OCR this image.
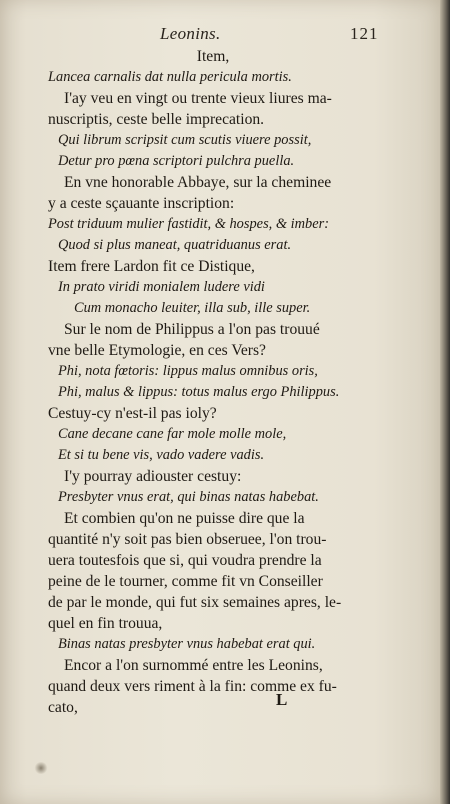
Leonins.	121
Item,
Lancea carnalis dat nulla pericula mortis.
I'ay veu en vingt ou trente vieux liures ma-
nuscriptis, ceste belle imprecation.
Qui librum scripsit cum scutis viuere possit,
Detur pro pœna scriptori pulchra puella.
En vne honorable Abbaye, sur la cheminee
y a ceste sçauante inscription:
Post triduum mulier fastidit, & hospes, & imber:
Quod si plus maneat, quatriduanus erat.
Item frere Lardon fit ce Distique,
In prato viridi monialem ludere vidi
Cum monacho leuiter, illa sub, ille super.
Sur le nom de Philippus a l'on pas trouué
vne belle Etymologie, en ces Vers?
Phi, nota fœtoris: lippus malus omnibus oris,
Phi, malus & lippus: totus malus ergo Philippus.
Cestuy-cy n'est-il pas ioly?
Cane decane cane far mole molle mole,
Et si tu bene vis, vado vadere vadis.
I'y pourray adiouster cestuy:
Presbyter vnus erat, qui binas natas habebat.
Et combien qu'on ne puisse dire que la
quantité n'y soit pas bien obseruee, l'on trou-
uera toutesfois que si, qui voudra prendre la
peine de le tourner, comme fit vn Conseiller
de par le monde, qui fut six semaines apres, le-
quel en fin trouua,
Binas natas presbyter vnus habebat erat qui.
Encor a l'on surnommé entre les Leonins,
quand deux vers riment à la fin: comme ex fu-
cato,	L
